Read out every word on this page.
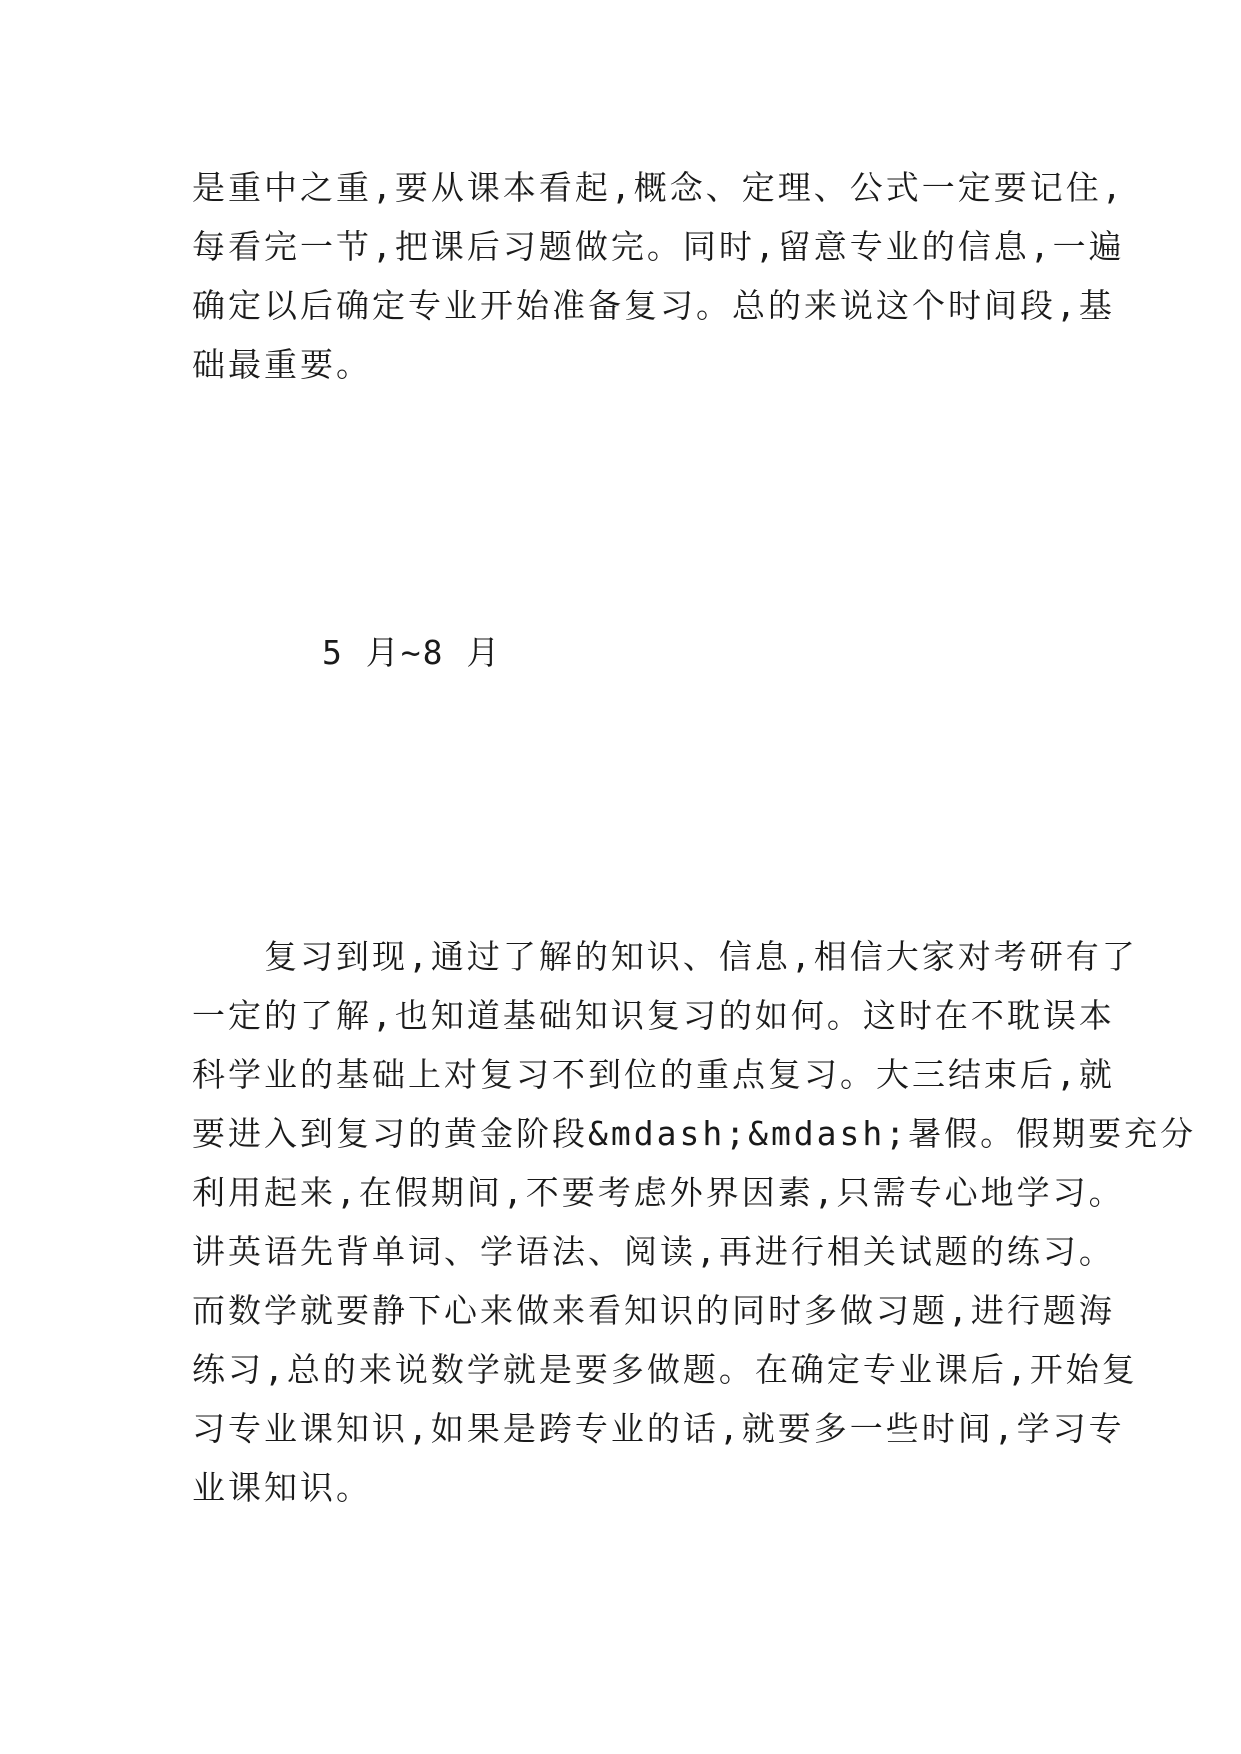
是重中之重,要从课本看起,概念、定理、公式一定要记住,
每看完一节,把课后习题做完。同时,留意专业的信息,一遍
确定以后确定专业开始准备复习。总的来说这个时间段,基
础最重要。
5 月~8 月
　　复习到现,通过了解的知识、信息,相信大家对考研有了
一定的了解,也知道基础知识复习的如何。这时在不耽误本
科学业的基础上对复习不到位的重点复习。大三结束后,就
要进入到复习的黄金阶段&mdash;&mdash;暑假。假期要充分
利用起来,在假期间,不要考虑外界因素,只需专心地学习。
讲英语先背单词、学语法、阅读,再进行相关试题的练习。
而数学就要静下心来做来看知识的同时多做习题,进行题海
练习,总的来说数学就是要多做题。在确定专业课后,开始复
习专业课知识,如果是跨专业的话,就要多一些时间,学习专
业课知识。
